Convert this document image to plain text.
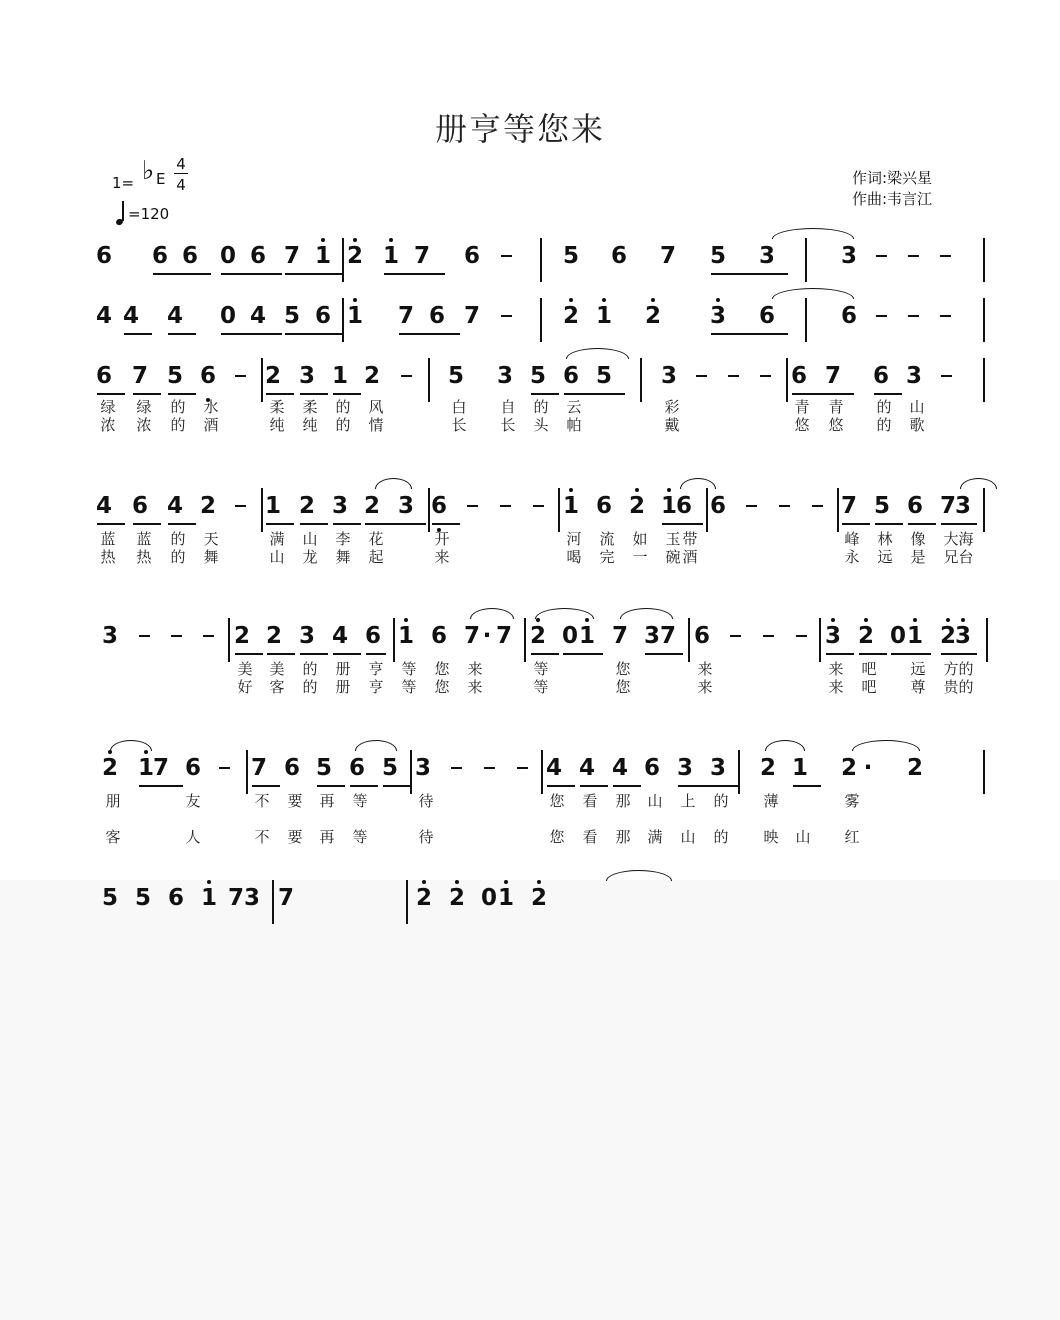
册亨等您来
1= ♭ E
4
4
=120
作词:梁兴星
作曲:韦言江
6 6 6 0 6 7 1 2 1 7 6	5 6 7 5 3	3
4 4 4 0 4 5 6 1 7 6 7	2 1 2 3 6	6
6 7 5 6 2 3 1 2	5 3 5 6 5 3	6 7 6 3
4 6 4 2 1 2 3 2 3 6	1 6 2 1
6 6	7 5 6 7
3
3	2 2 3 4 6 1 6 7 · 7 2 0 1 7 3 7 6	3 2 0 1 2
3
2 1
7 6 7 6 5 6 5 3	4 4 4 6 3 3 2 1 2 · 2
5 5 6 1 7 3 7	2 2 0 1 2
绿 绿 的 水	柔 柔 的 风	白 自 的 云	彩	青 青 的 山
浓 浓 的 酒	纯 纯 的 情	长 长 头 帕	戴	悠 悠 的 歌
蓝 蓝 的 天	满 山 李 花	开	河 流 如 玉 带	峰 林 像 大 海
热 热 的 舞	山 龙 舞 起	来	喝 完 一 碗 酒	永 远 是 兄 台
美 美 的 册 亨 等 您 来	等	您	来	来 吧 远 方 的
好 客 的 册 亨 等 您 来	等	您	来	来 吧 尊 贵 的
朋	友	不 要 再 等	待	您 看 那 山 上 的 薄	雾
客	人	不 要 再 等	待	您 看 那 满 山 的 映 山 红
